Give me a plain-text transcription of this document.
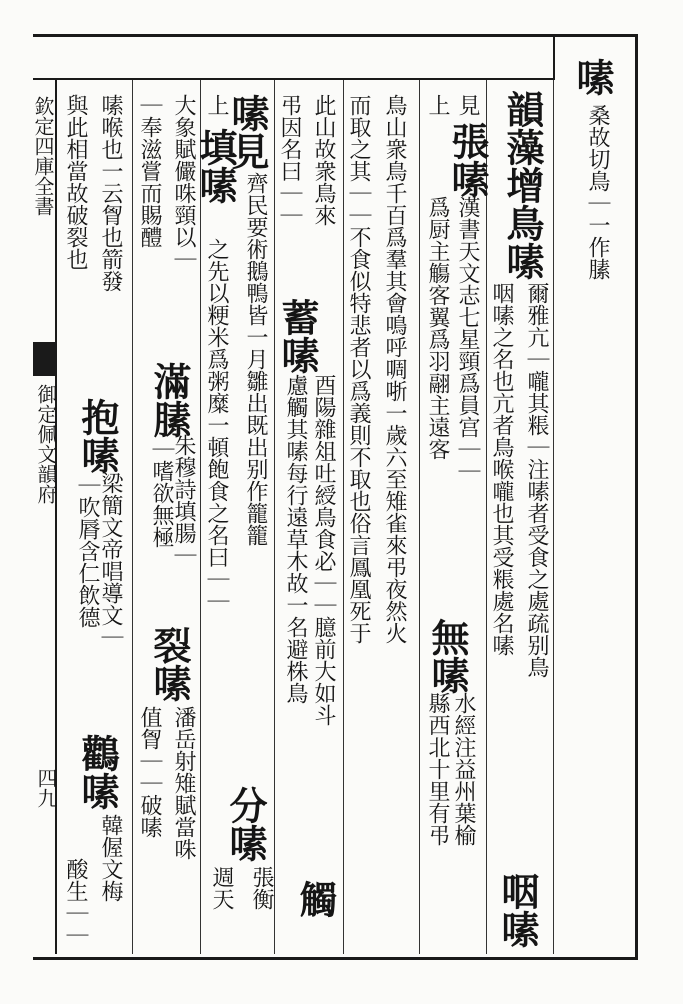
欽定四庫全書
御定佩文韻府
四九
嗉
桑故切鳥｜一作膆
韻藻增鳥嗉
爾雅亢｜嚨其粻｜注嗉者受食之處疏别鳥
咽嗉之名也亢者鳥喉嚨也其受粻處名嗉
咽嗉
見
張嗉
漢書天文志七星頸爲員宫｜｜
上
爲厨主觴客翼爲羽翮主遠客
無嗉
水經注益州葉榆
縣西北十里有弔
鳥山衆鳥千百爲羣其會鳴呼啁哳一歲六至雉雀來弔夜然火
而取之其｜｜不食似特悲者以爲義則不取也俗言鳳凰死于
此山故衆鳥來
蓄嗉
酉陽雜俎吐綬鳥食必｜｜臆前大如斗
弔因名曰｜｜
慮觸其嗉每行遠草木故一名避株鳥
觸
嗉見
齊民要術鵝鴨皆一月雛出既出别作籠籠
分嗉
張衡
上
填嗉
之先以粳米爲粥糜一頓飽食之名曰｜｜
週天
大象賦儼咮頸以｜
滿膆
朱穆詩填腸｜
裂嗉
潘岳射雉賦當咮
｜奉滋嘗而賜醴
｜嗜欲無極
值胷｜｜破嗉
嗉喉也一云胷也箭發
抱嗉
梁簡文帝唱導文｜
鸛嗉
韓偓文梅
與此相當故破裂也
｜吹脣含仁飲德
酸生｜｜
